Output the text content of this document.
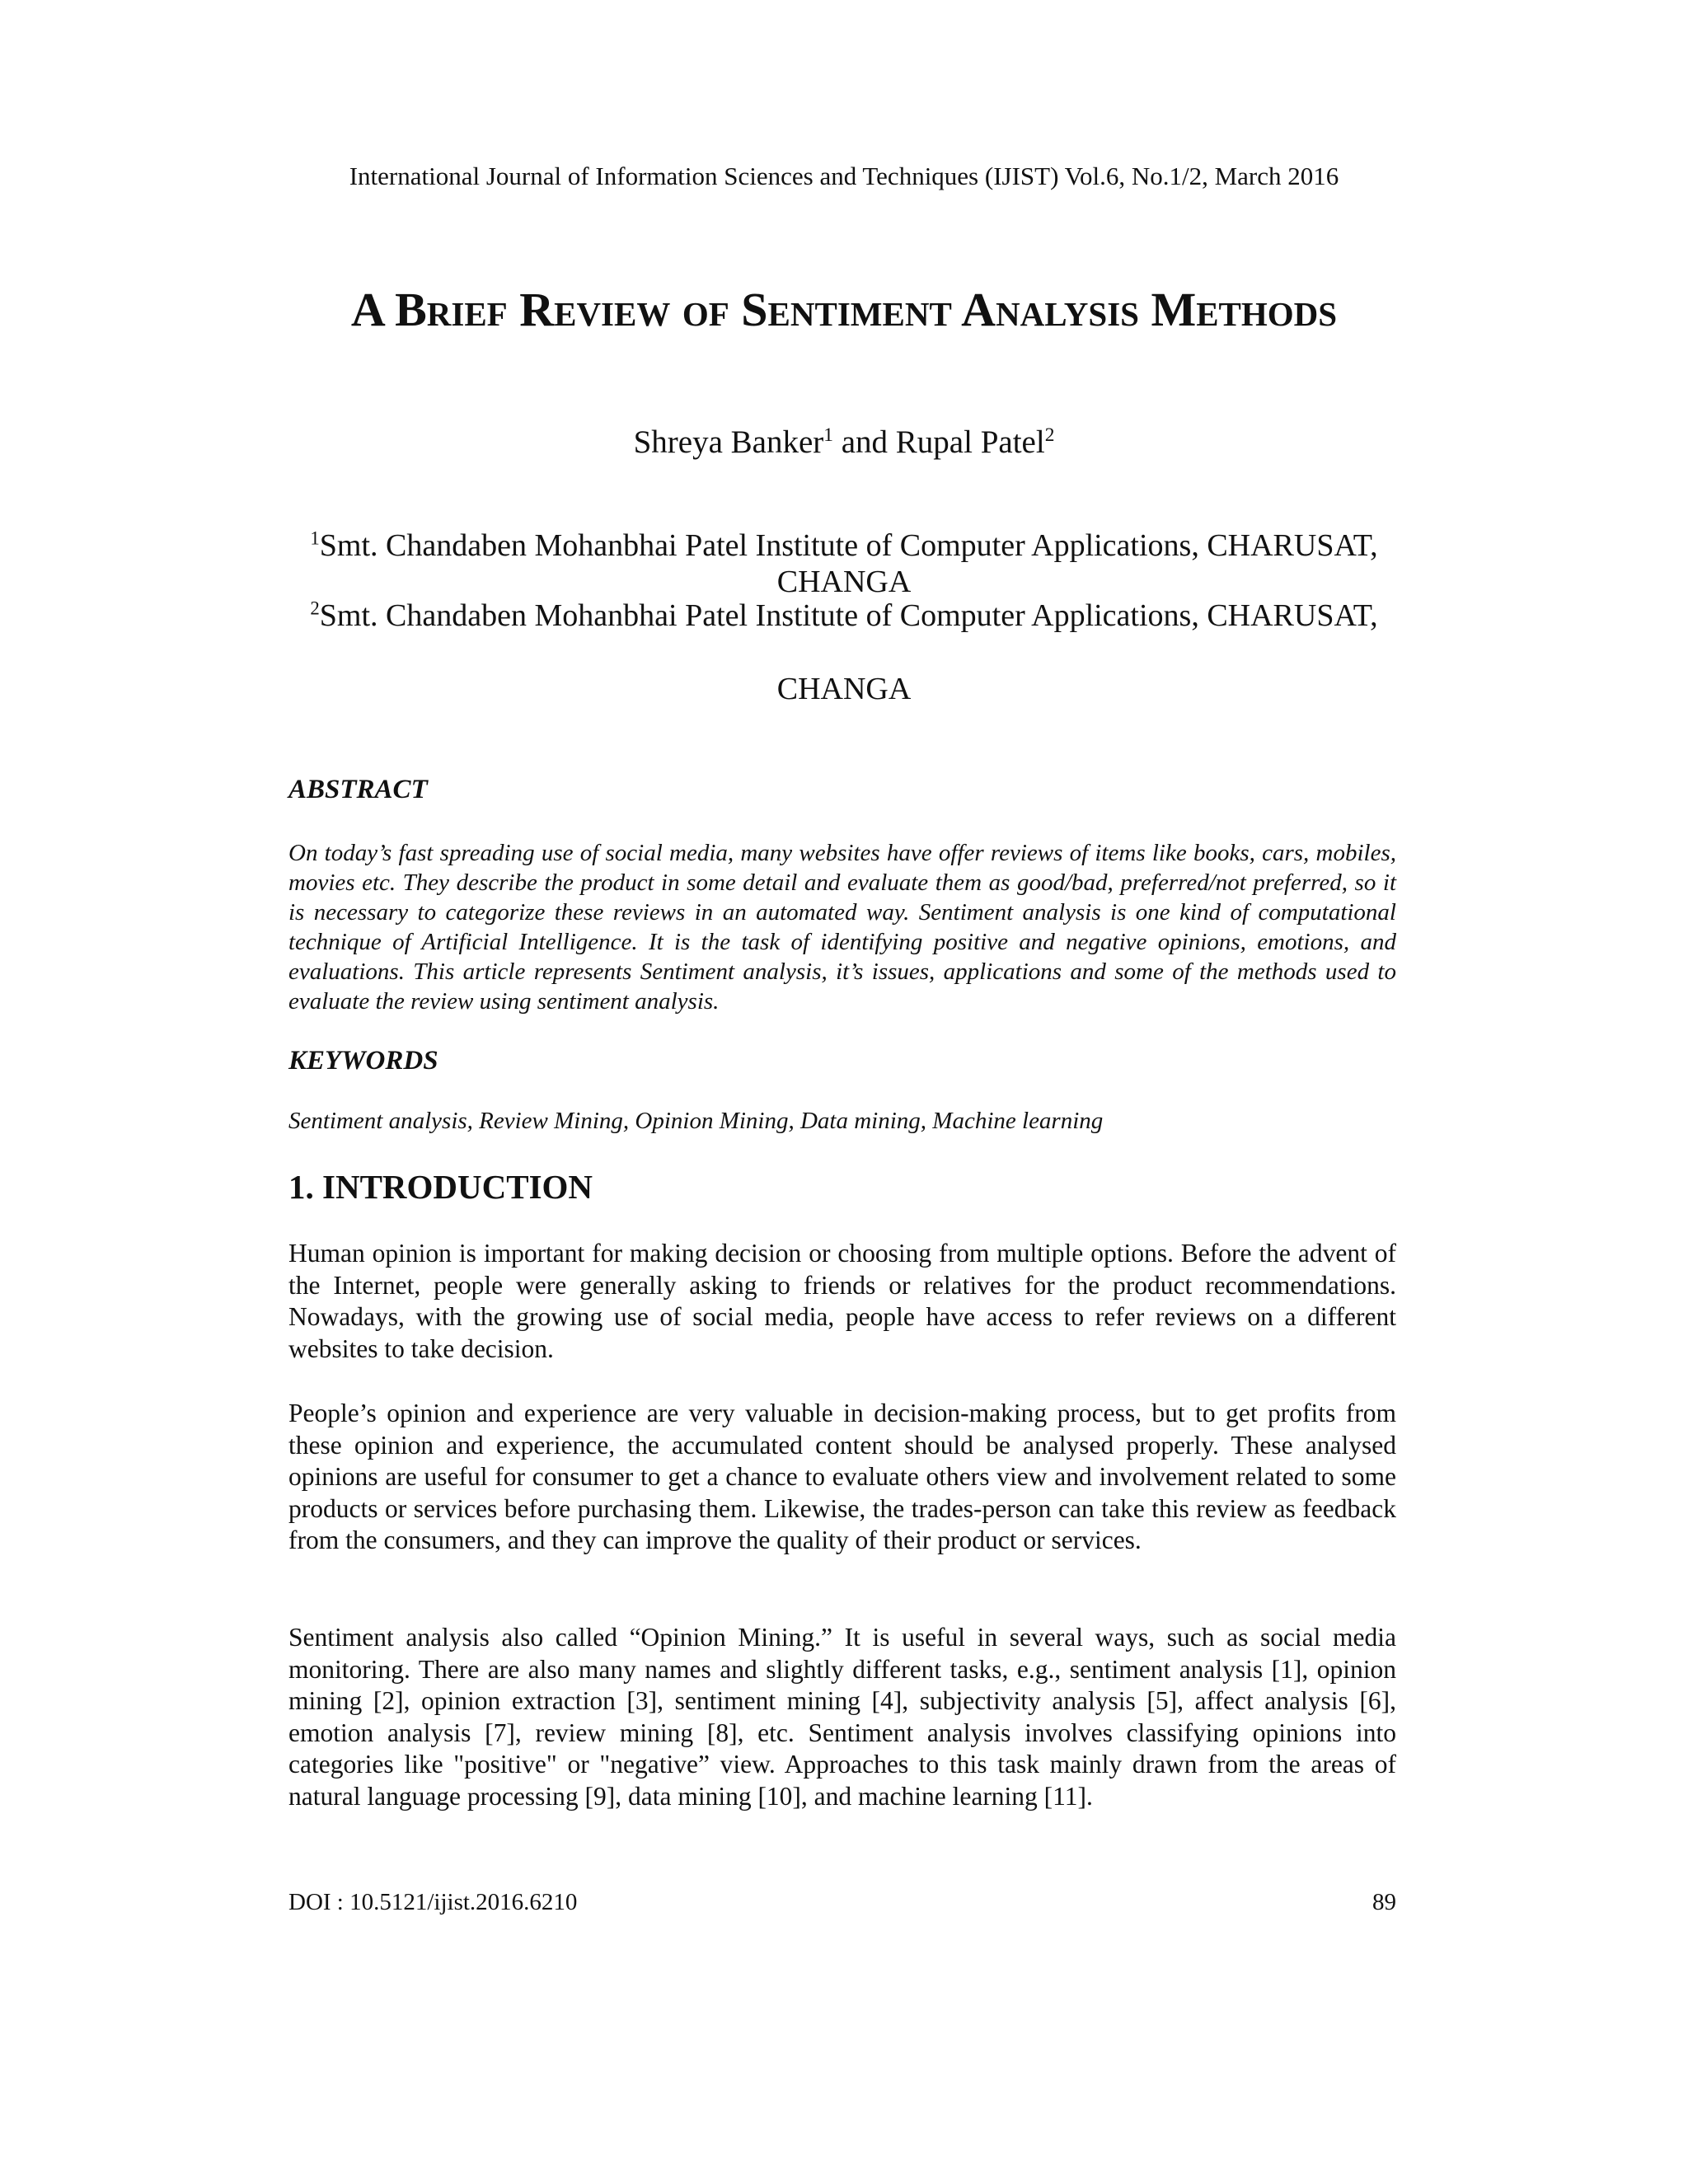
International Journal of Information Sciences and Techniques (IJIST) Vol.6, No.1/2, March 2016
A Brief Review of Sentiment Analysis Methods
Shreya Banker$^1$ and Rupal Patel$^2$
$^1$Smt. Chandaben Mohanbhai Patel Institute of Computer Applications, CHARUSAT,
CHANGA
$^2$Smt. Chandaben Mohanbhai Patel Institute of Computer Applications, CHARUSAT,
CHANGA
ABSTRACT

On today’s fast spreading use of social media, many websites have offer reviews of items like books, cars, mobiles, movies etc. They describe the product in some detail and evaluate them as good/bad, preferred/not preferred, so it is necessary to categorize these reviews in an automated way. Sentiment analysis is one kind of computational technique of Artificial Intelligence. It is the task of identifying positive and negative opinions, emotions, and evaluations. This article represents Sentiment analysis, it’s issues, applications and some of the methods used to evaluate the review using sentiment analysis.

KEYWORDS

Sentiment analysis, Review Mining, Opinion Mining, Data mining, Machine learning

1. INTRODUCTION

Human opinion is important for making decision or choosing from multiple options. Before the advent of the Internet, people were generally asking to friends or relatives for the product recommendations. Nowadays, with the growing use of social media, people have access to refer reviews on a different websites to take decision.

People’s opinion and experience are very valuable in decision-making process, but to get profits from these opinion and experience, the accumulated content should be analysed properly. These analysed opinions are useful for consumer to get a chance to evaluate others view and involvement related to some products or services before purchasing them. Likewise, the trades-person can take this review as feedback from the consumers, and they can improve the quality of their product or services.

Sentiment analysis also called “Opinion Mining.” It is useful in several ways, such as social media monitoring. There are also many names and slightly different tasks, e.g., sentiment analysis [1], opinion mining [2], opinion extraction [3], sentiment mining [4], subjectivity analysis [5], affect analysis [6], emotion analysis [7], review mining [8], etc. Sentiment analysis involves classifying opinions into categories like "positive" or "negative” view. Approaches to this task mainly drawn from the areas of natural language processing [9], data mining [10], and machine learning [11].

DOI : 10.5121/ijist.2016.6210	89
